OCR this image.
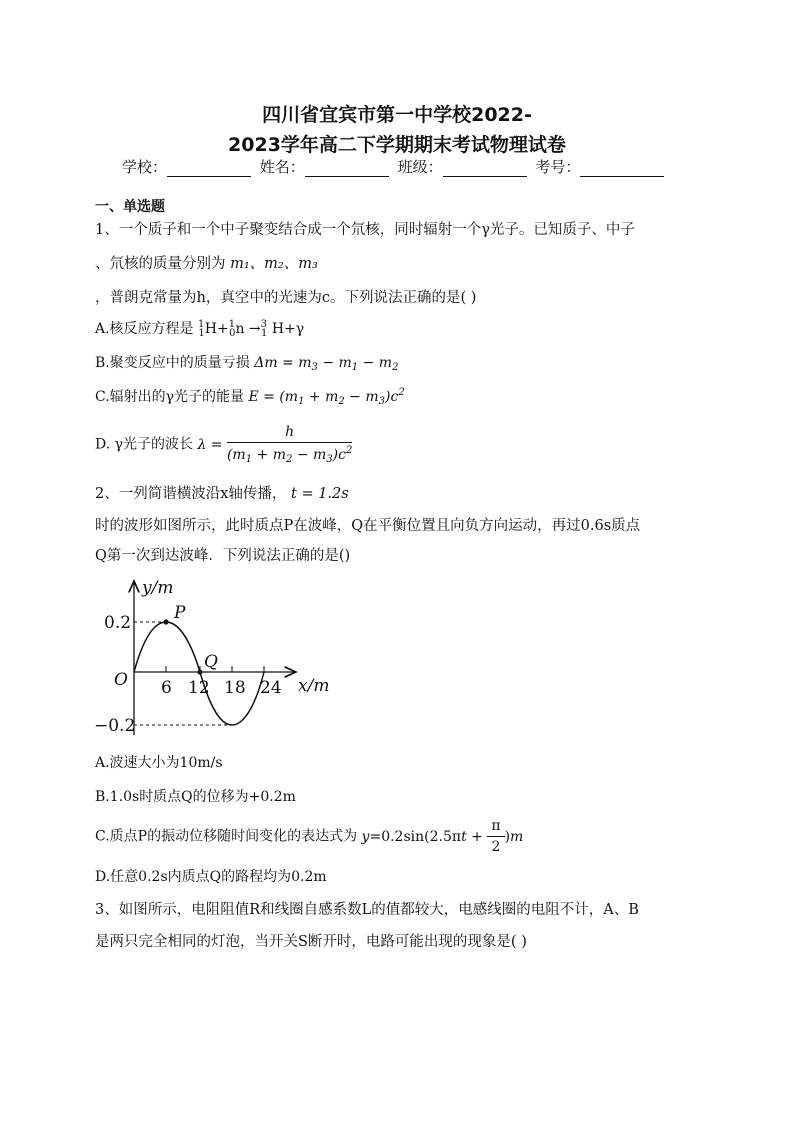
四川省宜宾市第一中学校2022-
2023学年高二下学期期末考试物理试卷
学校：	姓名：	班级：	考号：
一、单选题
1、一个质子和一个中子聚变结合成一个氘核，同时辐射一个γ光子。已知质子、中子
、氘核的质量分别为 m₁、m₂、m₃
，普朗克常量为h，真空中的光速为c。下列说法正确的是( )
A.核反应方程是 $^1_1$H+$^1_0$n →$^3_1$ H+γ
B.聚变反应中的质量亏损 $\Delta m = m_3 - m_1 - m_2$
C.辐射出的γ光子的能量 $E = (m_1 + m_2 - m_3)c^2$
D. γ光子的波长 $\lambda = \frac{h}{(m_1 + m_2 - m_3)c^2}$
2、一列简谐横波沿x轴传播， t = 1.2s
时的波形如图所示，此时质点P在波峰，Q在平衡位置且向负方向运动，再过0.6s质点
Q第一次到达波峰．下列说法正确的是()
y/m
x/m
O
0.2
−0.2
6 12 18 24
P
Q
A.波速大小为10m/s
B.1.0s时质点Q的位移为+0.2m
C.质点P的振动位移随时间变化的表达式为 $y=0.2\sin(2.5\pi t + \frac{\pi}{2} )m$
D.任意0.2s内质点Q的路程均为0.2m
3、如图所示，电阻阻值R和线圈自感系数L的值都较大，电感线圈的电阻不计，A、B
是两只完全相同的灯泡，当开关S断开时，电路可能出现的现象是( )
